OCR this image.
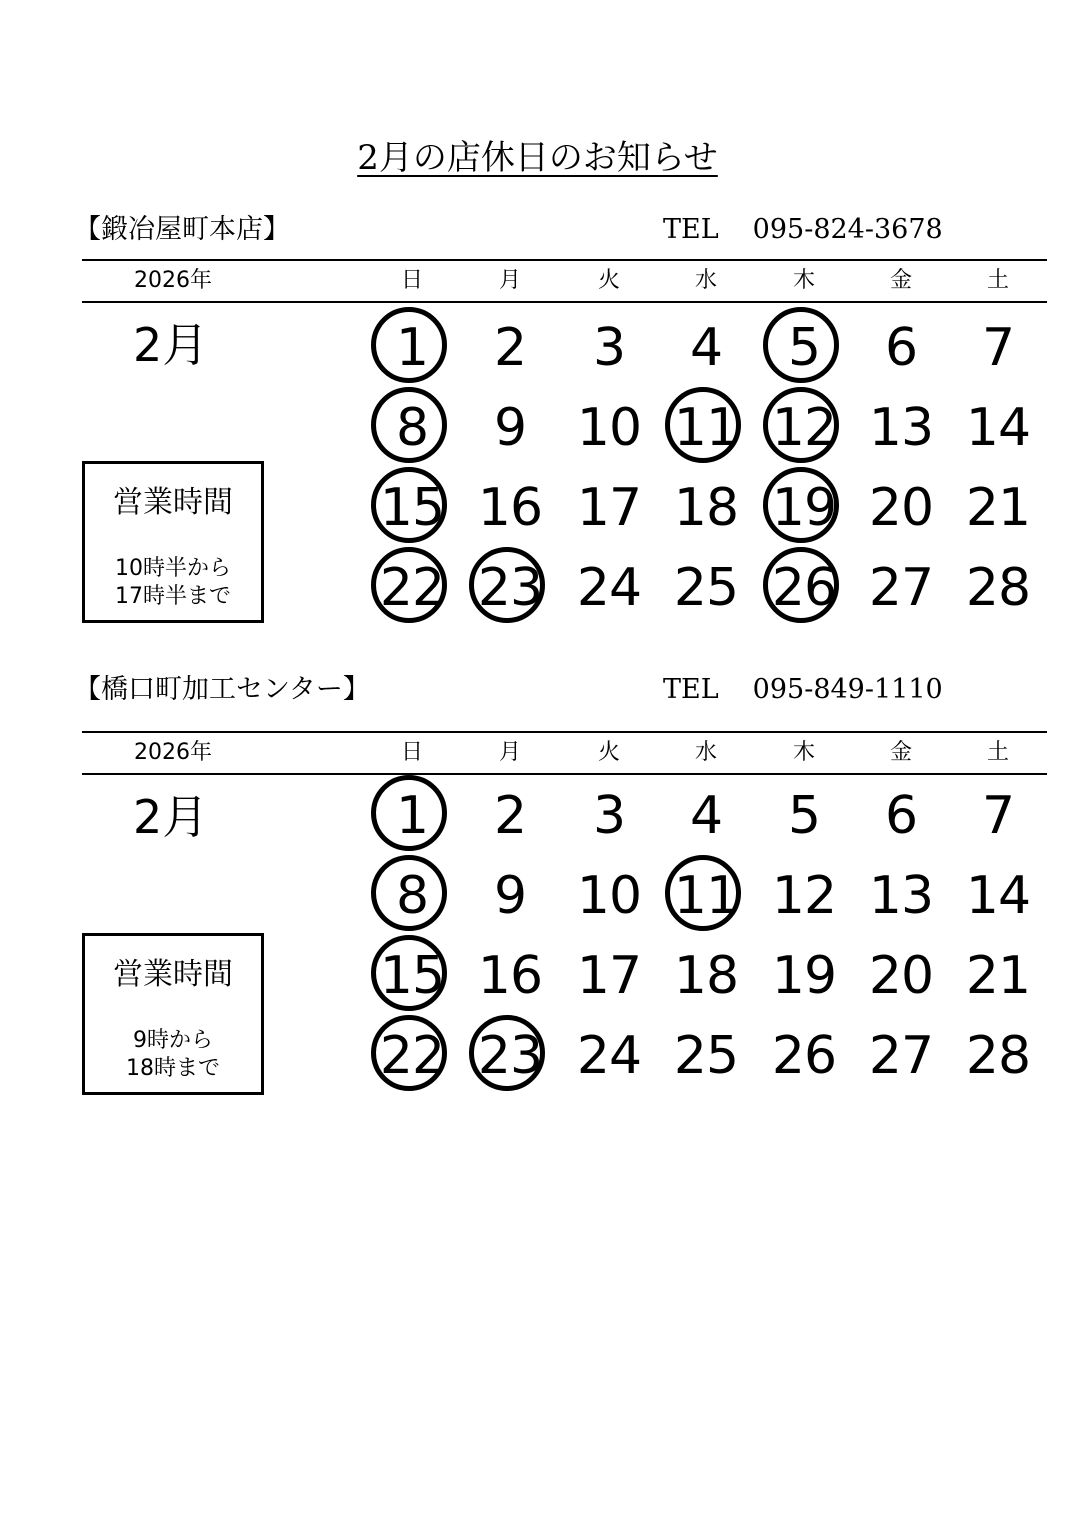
2月の店休日のお知らせ
【鍛冶屋町本店】	TEL 095-824-3678
2026年	日	月	火	水	木	金	土
2月	1 2 3 4 5 6 7
8 9 10 11 12 13 14
15 16 17 18 19 20 21
22 23 24 25 26 27 28
営業時間
10時半から
17時半まで
【橋口町加工センター】	TEL 095-849-1110
2026年	日	月	火	水	木	金	土
2月	1 2 3 4 5 6 7
8 9 10 11 12 13 14
15 16 17 18 19 20 21
22 23 24 25 26 27 28
営業時間
9時から
18時まで
